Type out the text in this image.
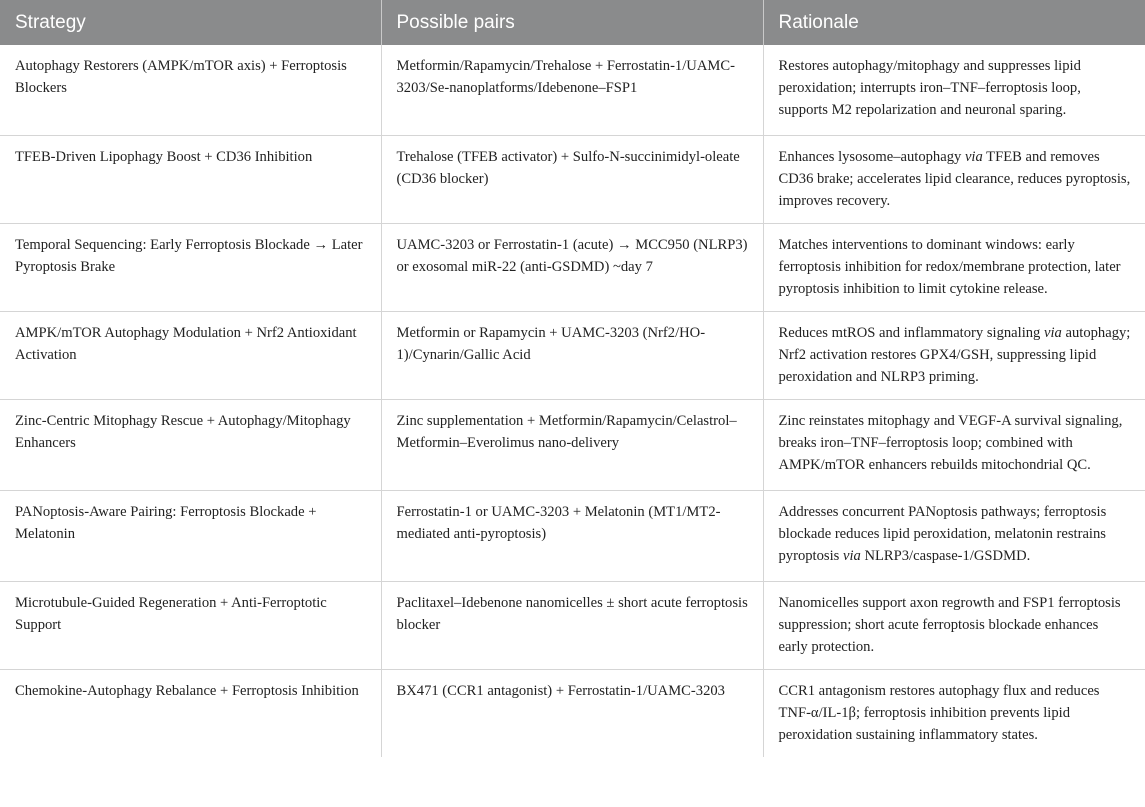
Strategy	Possible pairs	Rationale
Autophagy Restorers (AMPK/mTOR axis) + Ferroptosis Blockers	Metformin/Rapamycin/Trehalose + Ferrostatin-1/UAMC-3203/Se-nanoplatforms/Idebenone–FSP1	Restores autophagy/mitophagy and suppresses lipid peroxidation; interrupts iron–TNF–ferroptosis loop, supports M2 repolarization and neuronal sparing.
TFEB-Driven Lipophagy Boost + CD36 Inhibition	Trehalose (TFEB activator) + Sulfo-N-succinimidyl-oleate (CD36 blocker)	Enhances lysosome–autophagy via TFEB and removes CD36 brake; accelerates lipid clearance, reduces pyroptosis, improves recovery.
Temporal Sequencing: Early Ferroptosis Blockade → Later Pyroptosis Brake	UAMC-3203 or Ferrostatin-1 (acute) → MCC950 (NLRP3) or exosomal miR-22 (anti-GSDMD) ~day 7	Matches interventions to dominant windows: early ferroptosis inhibition for redox/membrane protection, later pyroptosis inhibition to limit cytokine release.
AMPK/mTOR Autophagy Modulation + Nrf2 Antioxidant Activation	Metformin or Rapamycin + UAMC-3203 (Nrf2/HO-1)/Cynarin/Gallic Acid	Reduces mtROS and inflammatory signaling via autophagy; Nrf2 activation restores GPX4/GSH, suppressing lipid peroxidation and NLRP3 priming.
Zinc-Centric Mitophagy Rescue + Autophagy/Mitophagy Enhancers	Zinc supplementation + Metformin/Rapamycin/Celastrol–Metformin–Everolimus nano-delivery	Zinc reinstates mitophagy and VEGF-A survival signaling, breaks iron–TNF–ferroptosis loop; combined with AMPK/mTOR enhancers rebuilds mitochondrial QC.
PANoptosis-Aware Pairing: Ferroptosis Blockade + Melatonin	Ferrostatin-1 or UAMC-3203 + Melatonin (MT1/MT2-mediated anti-pyroptosis)	Addresses concurrent PANoptosis pathways; ferroptosis blockade reduces lipid peroxidation, melatonin restrains pyroptosis via NLRP3/caspase-1/GSDMD.
Microtubule-Guided Regeneration + Anti-Ferroptotic Support	Paclitaxel–Idebenone nanomicelles ± short acute ferroptosis blocker	Nanomicelles support axon regrowth and FSP1 ferroptosis suppression; short acute ferroptosis blockade enhances early protection.
Chemokine-Autophagy Rebalance + Ferroptosis Inhibition	BX471 (CCR1 antagonist) + Ferrostatin-1/UAMC-3203	CCR1 antagonism restores autophagy flux and reduces TNF-α/IL-1β; ferroptosis inhibition prevents lipid peroxidation sustaining inflammatory states.
